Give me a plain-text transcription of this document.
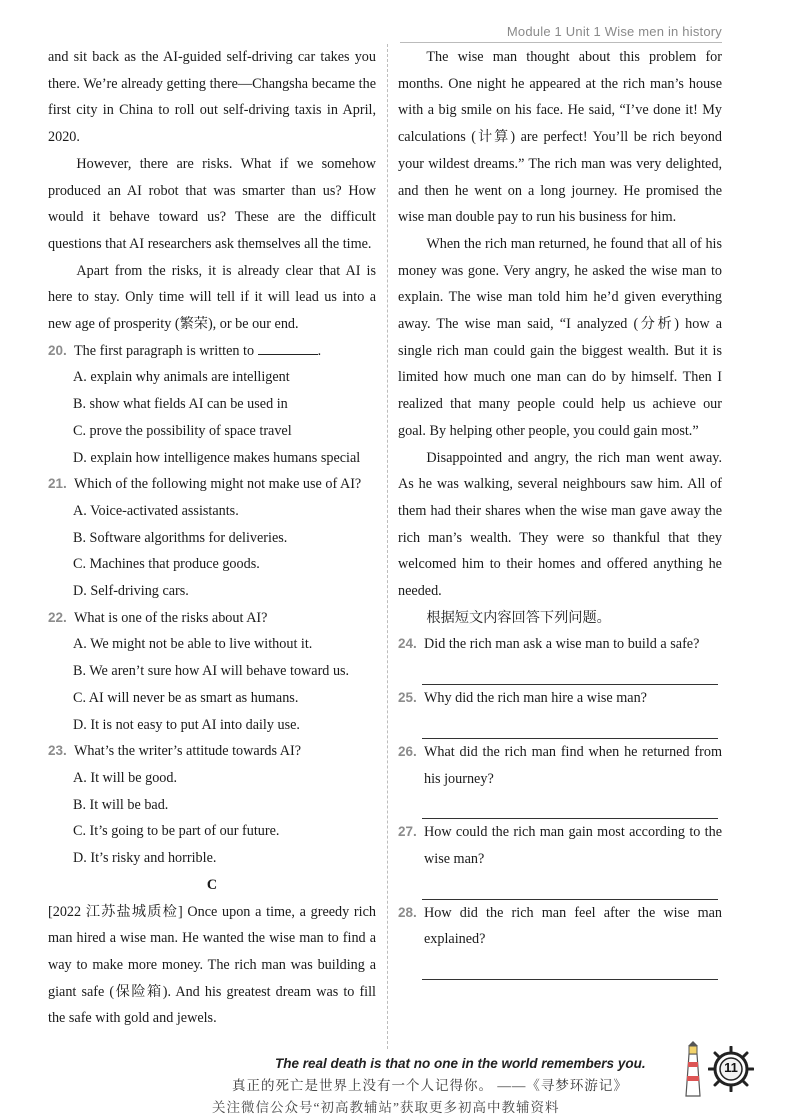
Module 1 Unit 1 Wise men in history

and sit back as the AI-guided self-driving car takes you there. We’re already getting there—Changsha became the first city in China to roll out self-driving taxis in April, 2020.

However, there are risks. What if we somehow produced an AI robot that was smarter than us? How would it behave toward us? These are the difficult questions that AI researchers ask themselves all the time.

Apart from the risks, it is already clear that AI is here to stay. Only time will tell if it will lead us into a new age of prosperity (繁荣), or be our end.

20. The first paragraph is written to	.
A. explain why animals are intelligent
B. show what fields AI can be used in
C. prove the possibility of space travel
D. explain how intelligence makes humans special
21. Which of the following might not make use of AI?
A. Voice-activated assistants.
B. Software algorithms for deliveries.
C. Machines that produce goods.
D. Self-driving cars.
22. What is one of the risks about AI?
A. We might not be able to live without it.
B. We aren’t sure how AI will behave toward us.
C. AI will never be as smart as humans.
D. It is not easy to put AI into daily use.
23. What’s the writer’s attitude towards AI?
A. It will be good.
B. It will be bad.
C. It’s going to be part of our future.
D. It’s risky and horrible.
C

[2022 江苏盐城质检] Once upon a time, a greedy rich man hired a wise man. He wanted the wise man to find a way to make more money. The rich man was building a giant safe (保险箱). And his greatest dream was to fill the safe with gold and jewels.

The wise man thought about this problem for months. One night he appeared at the rich man’s house with a big smile on his face. He said, “I’ve done it! My calculations (计算) are perfect! You’ll be rich beyond your wildest dreams.” The rich man was very delighted, and then he went on a long journey. He promised the wise man double pay to run his business for him.

When the rich man returned, he found that all of his money was gone. Very angry, he asked the wise man to explain. The wise man told him he’d given everything away. The wise man said, “I analyzed (分析) how a single rich man could gain the biggest wealth. But it is limited how much one man can do by himself. Then I realized that many people could help us achieve our goal. By helping other people, you could gain most.”

Disappointed and angry, the rich man went away. As he was walking, several neighbours saw him. All of them had their shares when the wise man gave away the rich man’s wealth. They were so thankful that they welcomed him to their homes and offered anything he needed.

根据短文内容回答下列问题。

24. Did the rich man ask a wise man to build a safe?
25. Why did the rich man hire a wise man?
26. What did the rich man find when he returned from his journey?
27. How could the rich man gain most according to the wise man?
28. How did the rich man feel after the wise man explained?
The real death is that no one in the world remembers you.
真正的死亡是世界上没有一个人记得你。 ——《寻梦环游记》
关注微信公众号“初高教辅站”获取更多初高中教辅资料
11
